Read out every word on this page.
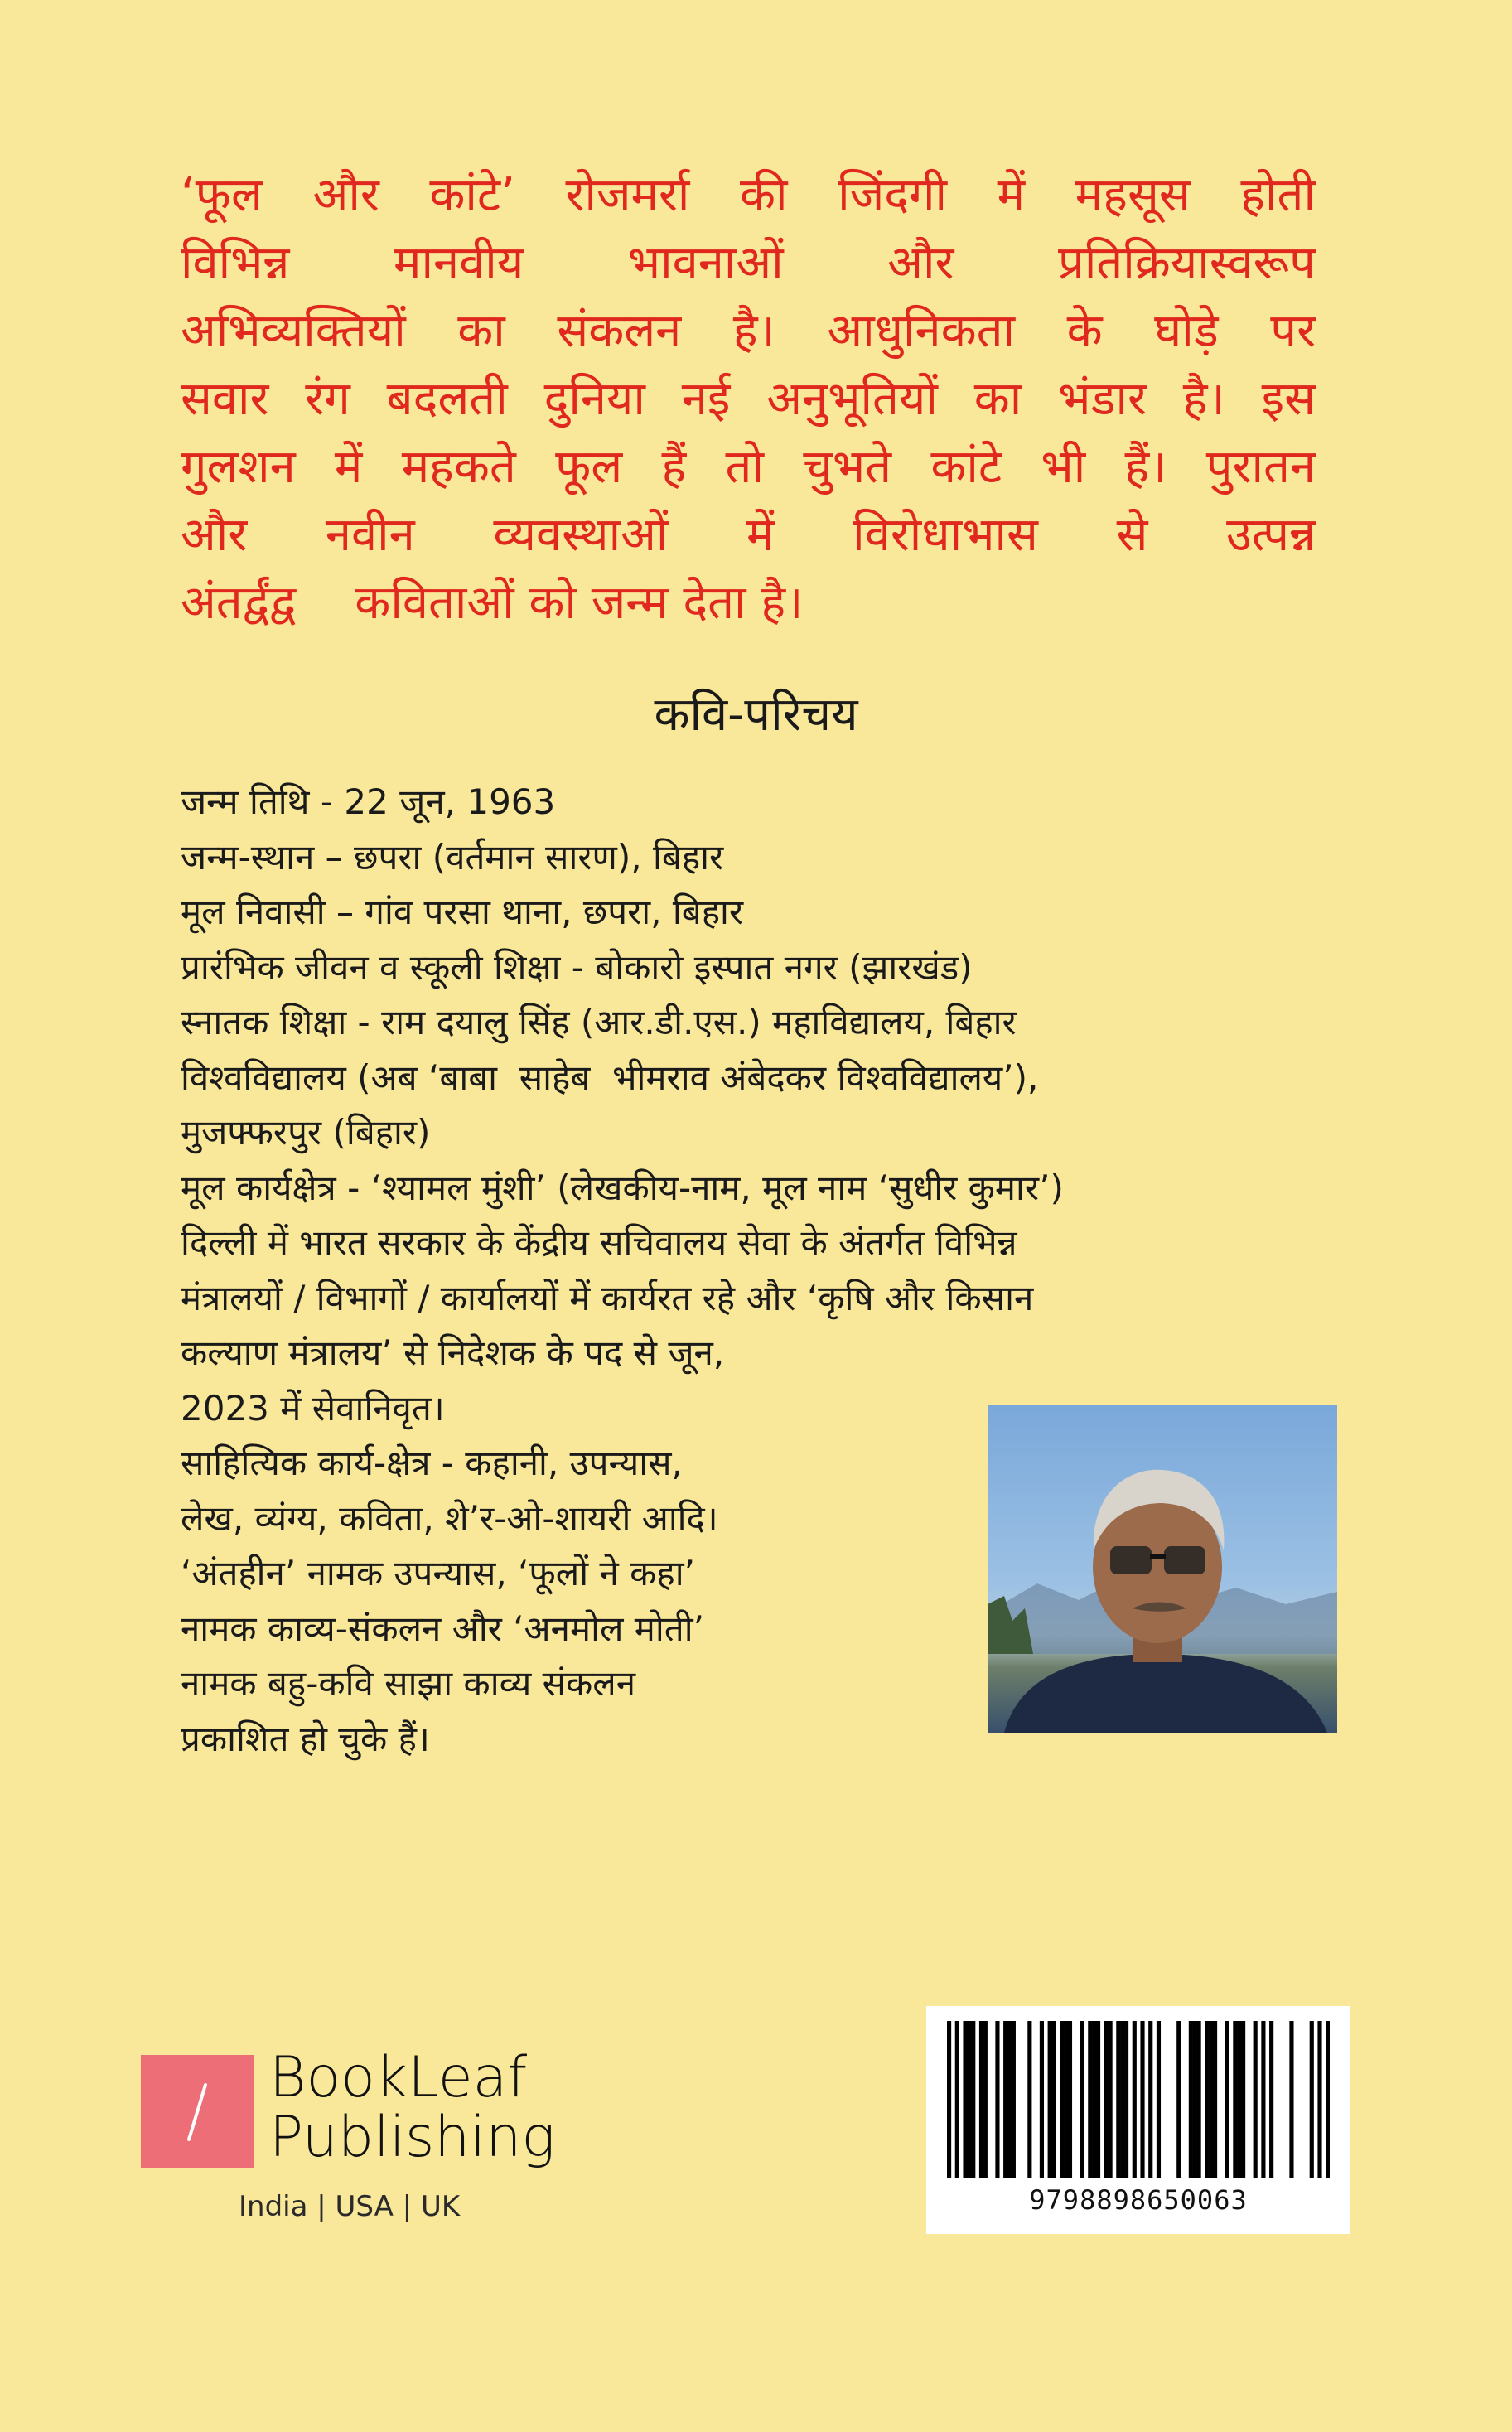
‘फूल और कांटे’ रोजमर्रा की जिंदगी में महसूस होती
विभिन्न मानवीय भावनाओं और प्रतिक्रियास्वरूप
अभिव्यक्तियों का संकलन है। आधुनिकता के घोड़े पर
सवार रंग बदलती दुनिया नई अनुभूतियों का भंडार है। इस
गुलशन में महकते फूल हैं तो चुभते कांटे भी हैं। पुरातन
और नवीन व्यवस्थाओं में विरोधाभास से उत्पन्न
अंतर्द्वंद्व    कविताओं को जन्म देता है।
कवि-परिचय
जन्म तिथि - 22 जून, 1963
जन्म-स्थान – छपरा (वर्तमान सारण), बिहार
मूल निवासी – गांव परसा थाना, छपरा, बिहार
प्रारंभिक जीवन व स्कूली शिक्षा - बोकारो इस्पात नगर (झारखंड)
स्नातक शिक्षा - राम दयालु सिंह (आर.डी.एस.) महाविद्यालय, बिहार
विश्वविद्यालय (अब ‘बाबा  साहेब  भीमराव अंबेदकर विश्वविद्यालय’),
मुजफ्फरपुर (बिहार)
मूल कार्यक्षेत्र - ‘श्यामल मुंशी’ (लेखकीय-नाम, मूल नाम ‘सुधीर कुमार’)
दिल्ली में भारत सरकार के केंद्रीय सचिवालय सेवा के अंतर्गत विभिन्न
मंत्रालयों / विभागों / कार्यालयों में कार्यरत रहे और ‘कृषि और किसान
कल्याण मंत्रालय’ से निदेशक के पद से जून,
2023 में सेवानिवृत।
साहित्यिक कार्य-क्षेत्र - कहानी, उपन्यास,
लेख, व्यंग्य, कविता, शे’र-ओ-शायरी आदि।
‘अंतहीन’ नामक उपन्यास, ‘फूलों ने कहा’
नामक काव्य-संकलन और ‘अनमोल मोती’
नामक बहु-कवि साझा काव्य संकलन
प्रकाशित हो चुके हैं।
BookLeaf
Publishing
India | USA | UK	9798898650063
